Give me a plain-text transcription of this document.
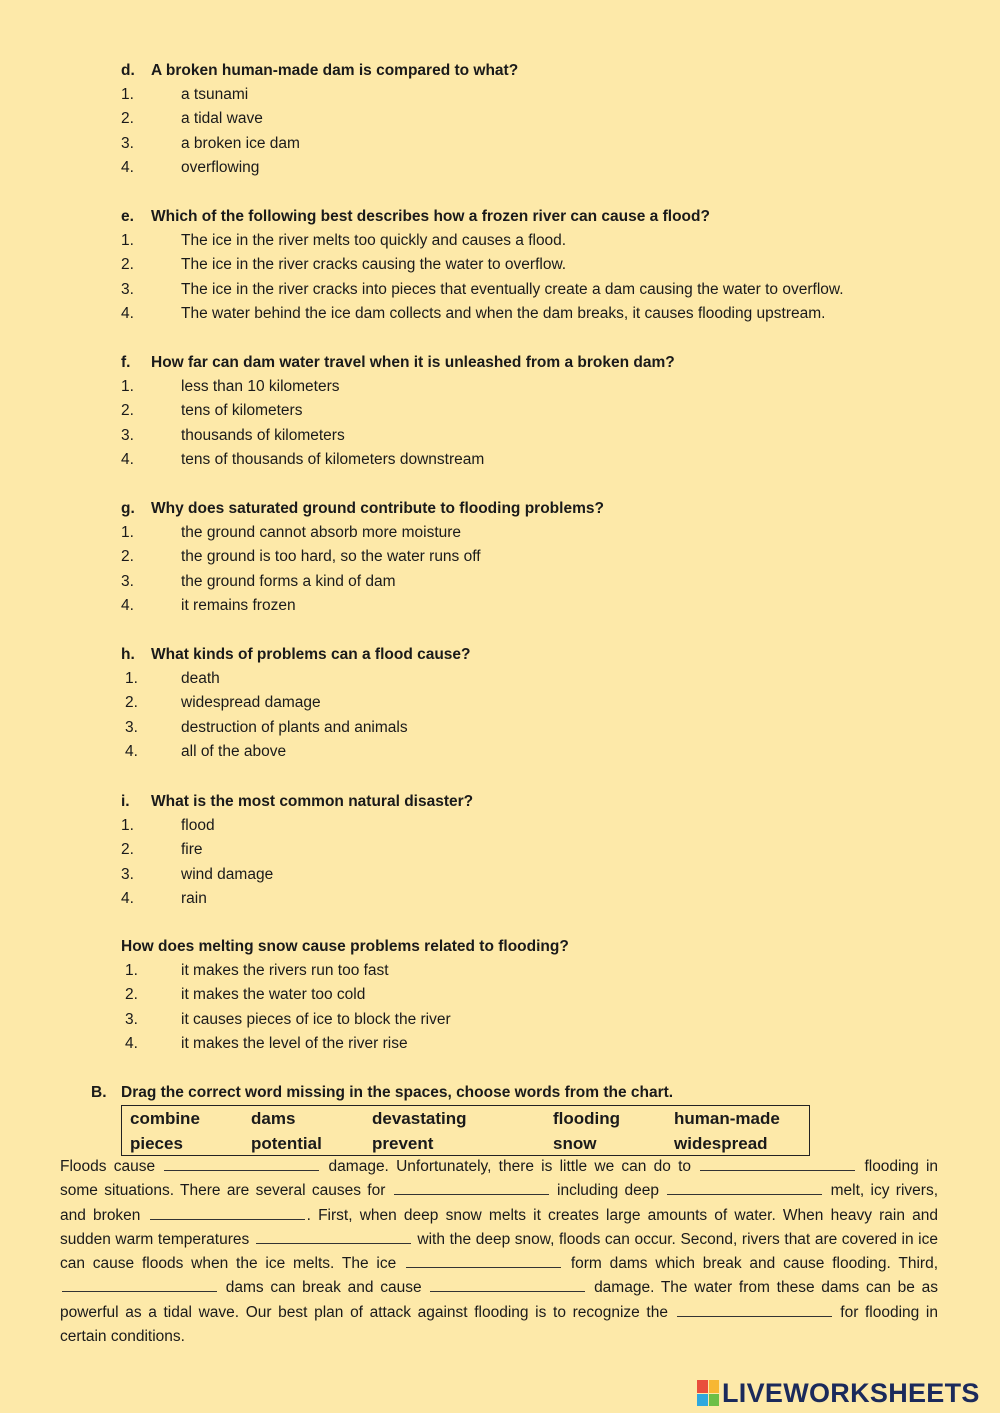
d. A broken human-made dam is compared to what?
1.	a tsunami
2.	a tidal wave
3.	a broken ice dam
4.	overflowing
e. Which of the following best describes how a frozen river can cause a flood?
1.	The ice in the river melts too quickly and causes a flood.
2.	The ice in the river cracks causing the water to overflow.
3.	The ice in the river cracks into pieces that eventually create a dam causing the water to overflow.
4.	The water behind the ice dam collects and when the dam breaks, it causes flooding upstream.
f. How far can dam water travel when it is unleashed from a broken dam?
1.	less than 10 kilometers
2.	tens of kilometers
3.	thousands of kilometers
4.	tens of thousands of kilometers downstream
g. Why does saturated ground contribute to flooding problems?
1.	the ground cannot absorb more moisture
2.	the ground is too hard, so the water runs off
3.	the ground forms a kind of dam
4.	it remains frozen
h. What kinds of problems can a flood cause?
1.	death
2.	widespread damage
3.	destruction of plants and animals
4.	all of the above
i. What is the most common natural disaster?
1.	flood
2.	fire
3.	wind damage
4.	rain
How does melting snow cause problems related to flooding?
1.	it makes the rivers run too fast
2.	it makes the water too cold
3.	it causes pieces of ice to block the river
4.	it makes the level of the river rise
B. Drag the correct word missing in the spaces, choose words from the chart.
combine	dams	devastating	flooding	human-made
pieces	potential	prevent	snow	widespread
Floods cause	damage. Unfortunately, there is little we can do to	flooding in some situations. There are several causes for	including deep	melt, icy rivers, and broken	. First, when deep snow melts it creates large amounts of water. When heavy rain and sudden warm temperatures	with the deep snow, floods can occur. Second, rivers that are covered in ice can cause floods when the ice melts. The ice	form dams which break and cause flooding. Third,  dams can break and cause	damage. The water from these dams can be as powerful as a tidal wave. Our best plan of attack against flooding is to recognize the	for flooding in certain conditions.
LIVEWORKSHEETS
